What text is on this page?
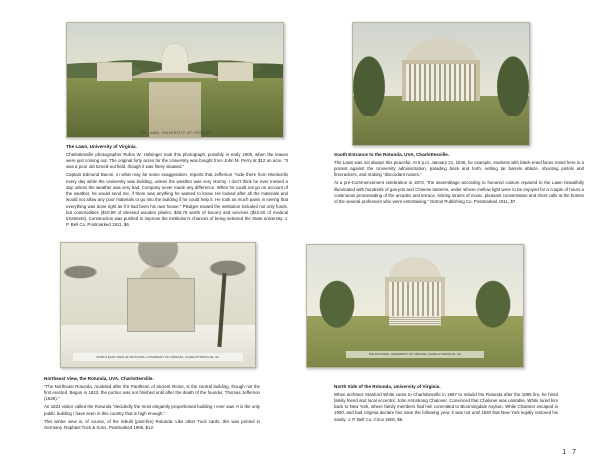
THE LAWN, UNIVERSITY OF VIRGINIA
NORTH EAST VIEW OF ROTUNDA, UNIVERSITY OF VIRGINIA, CHARLOTTESVILLE, VA.
THE ROTUNDA, UNIVERSITY OF VIRGINIA, CHARLOTTESVILLE, VA.
The Lawn, University of Virginia.

Charlottesville photographer Rufus W. Holsinger took this photograph, possibly in early 1905, when the leaves were just coming out. The original forty acres for the University was bought from John M. Perry at $12 an acre. "It was a poor old turned-out field, though it was finely situated."

Captain Edmund Bacon, in what may be some exaggeration, reports that Jefferson "rode there from Monticello every day while the University was building, unless the weather was very stormy. I don't think he ever missed a day unless the weather was very bad. Company never made any difference. When he could not go on account of the weather, he would send me, if there was anything he wanted to know. He looked after all the materials and would not allow any poor materials to go into the building if he could help it. He took as much pains in seeing that everything was done right as if it had been his own house." Pledges toward the institution included not only funds, but commodities ($10.99 of dressed wooden planks, $45.75 worth of bacon) and services ($42.60 of medical treatment). Construction was pushed to improve the institution's chances of being selected the State university. J. P. Bell Co. Postmarked 1911, $6.

South Entrance to the Rotunda, UVA, Charlottesville.

The Lawn was not always this peaceful. At 9 p.m. January 21, 1846, for example, students with black-ened faces rioted here in a protest against the University administration, parading back and forth, setting tar barrels ablaze, shooting pistols and firecrackers, and making "discordant noises."

At a pre-Commencement celebration in 1873, "the assemblage according to honored custom repaired to the Lawn beautifully illuminated with hundreds of gas-jets and Chinese lanterns, under whose mellow light were to be enjoyed for a couple of hours a continuous promenading of the arcades and terrace, stirring strains of music, pleasant conversation and short calls at the homes of the several professors who were entertaining." Detroit Publishing Co. Postmarked 1911, $7.

Northeast View, the Rotunda, UVA, Charlottesville.

"The Northeast Rotunda, modeled after the Pantheon of ancient Rome, is the central building, though not the first erected. Begun in 1823, the portico was not finished until after the death of the founder, Thomas Jefferson (1826)."

An 1824 visitor called the Rotunda "decidedly the most elegantly proportioned building I ever saw. It is the only public building I have seen in this country that is high enough."

This winter view is, of course, of the rebuilt (post-fire) Rotunda. Like other Tuck cards, this was printed in Germany. Raphael Tuck & Sons. Postmarked 1906, $12.

North Side of the Rotunda, University of Virginia.

When architect Stanford White came to Charlottesville in 1897 to rebuild the Rotunda after the 1895 fire, he hired family friend and local eccentric John Armstrong Chaloner. Convinced that Chaloner was unstable, White lured him back to New York, where family members had him committed to Bloomingdale Asylum. While Chaloner escaped in 1900, and had Virginia declare him sane the following year, it was not until 1920 that New York legally restored his sanity. J. P. Bell Co. Circa 1900, $6.

1 7
